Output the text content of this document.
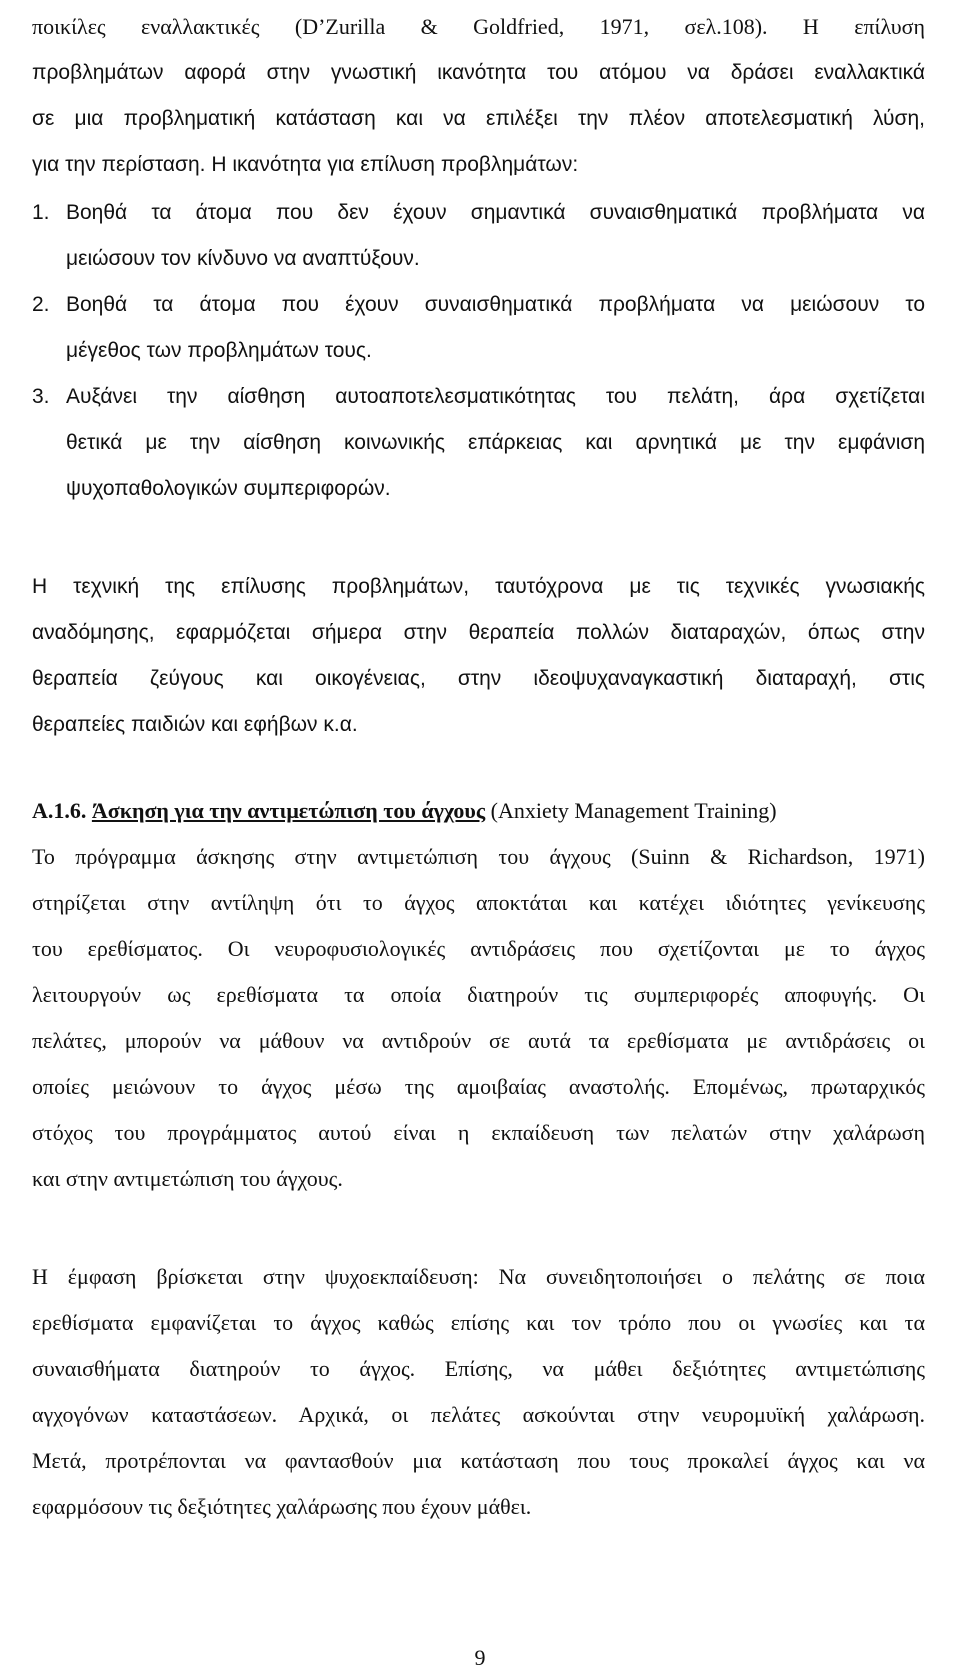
ποικίλες εναλλακτικές (D’Zurilla & Goldfried, 1971, σελ.108). Η επίλυση
προβλημάτων αφορά στην γνωστική ικανότητα του ατόμου να δράσει εναλλακτικά
σε μια προβληματική κατάσταση και να επιλέξει την πλέον αποτελεσματική λύση,
για την περίσταση. Η ικανότητα για επίλυση προβλημάτων:
1. Βοηθά τα άτομα που δεν έχουν σημαντικά συναισθηματικά προβλήματα να
μειώσουν τον κίνδυνο να αναπτύξουν.
2. Βοηθά τα άτομα που έχουν συναισθηματικά προβλήματα να μειώσουν το
μέγεθος των προβλημάτων τους.
3. Αυξάνει την αίσθηση αυτοαποτελεσματικότητας του πελάτη, άρα σχετίζεται
θετικά με την αίσθηση κοινωνικής επάρκειας και αρνητικά με την εμφάνιση
ψυχοπαθολογικών συμπεριφορών.
Η τεχνική της επίλυσης προβλημάτων, ταυτόχρονα με τις τεχνικές γνωσιακής
αναδόμησης, εφαρμόζεται σήμερα στην θεραπεία πολλών διαταραχών, όπως στην
θεραπεία ζεύγους και οικογένειας, στην ιδεοψυχαναγκαστική διαταραχή, στις
θεραπείες παιδιών και εφήβων κ.α.
Α.1.6. Άσκηση για την αντιμετώπιση του άγχους (Anxiety Management Training)
Το πρόγραμμα άσκησης στην αντιμετώπιση του άγχους (Suinn & Richardson, 1971)
στηρίζεται στην αντίληψη ότι το άγχος αποκτάται και κατέχει ιδιότητες γενίκευσης
του ερεθίσματος. Οι νευροφυσιολογικές αντιδράσεις που σχετίζονται με το άγχος
λειτουργούν ως ερεθίσματα τα οποία διατηρούν τις συμπεριφορές αποφυγής. Οι
πελάτες, μπορούν να μάθουν να αντιδρούν σε αυτά τα ερεθίσματα με αντιδράσεις οι
οποίες μειώνουν το άγχος μέσω της αμοιβαίας αναστολής. Επομένως, πρωταρχικός
στόχος του προγράμματος αυτού είναι η εκπαίδευση των πελατών στην χαλάρωση
και στην αντιμετώπιση του άγχους.
Η έμφαση βρίσκεται στην ψυχοεκπαίδευση: Να συνειδητοποιήσει ο πελάτης σε ποια
ερεθίσματα εμφανίζεται το άγχος καθώς επίσης και τον τρόπο που οι γνωσίες και τα
συναισθήματα διατηρούν το άγχος. Επίσης, να μάθει δεξιότητες αντιμετώπισης
αγχογόνων καταστάσεων. Αρχικά, οι πελάτες ασκούνται στην νευρομυϊκή χαλάρωση.
Μετά, προτρέπονται να φαντασθούν μια κατάσταση που τους προκαλεί άγχος και να
εφαρμόσουν τις δεξιότητες χαλάρωσης που έχουν μάθει.
9
